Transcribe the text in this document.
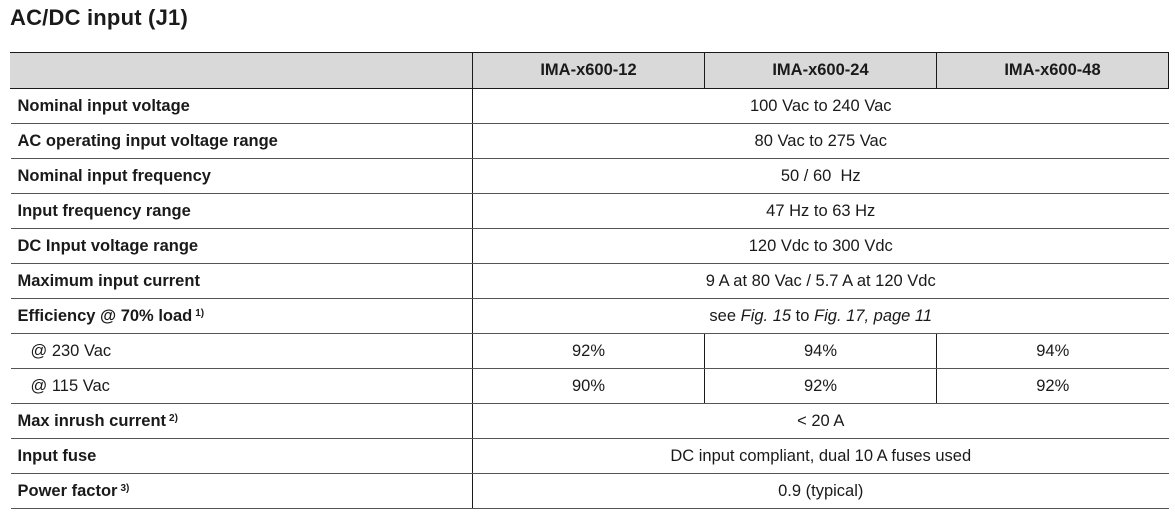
AC/DC input (J1)
	IMA-x600-12	IMA-x600-24	IMA-x600-48
Nominal input voltage	100 Vac to 240 Vac		
AC operating input voltage range	80 Vac to 275 Vac		
Nominal input frequency	50 / 60  Hz		
Input frequency range	47 Hz to 63 Hz		
DC Input voltage range	120 Vdc to 300 Vdc		
Maximum input current	9 A at 80 Vac / 5.7 A at 120 Vdc		
Efficiency @ 70% load $^{1)}$	see Fig. 15 to Fig. 17, page 11		
@ 230 Vac	92%	94%	94%
@ 115 Vac	90%	92%	92%
Max inrush current $^{2)}$	< 20 A		
Input fuse	DC input compliant, dual 10 A fuses used		
Power factor $^{3)}$	0.9 (typical)		
